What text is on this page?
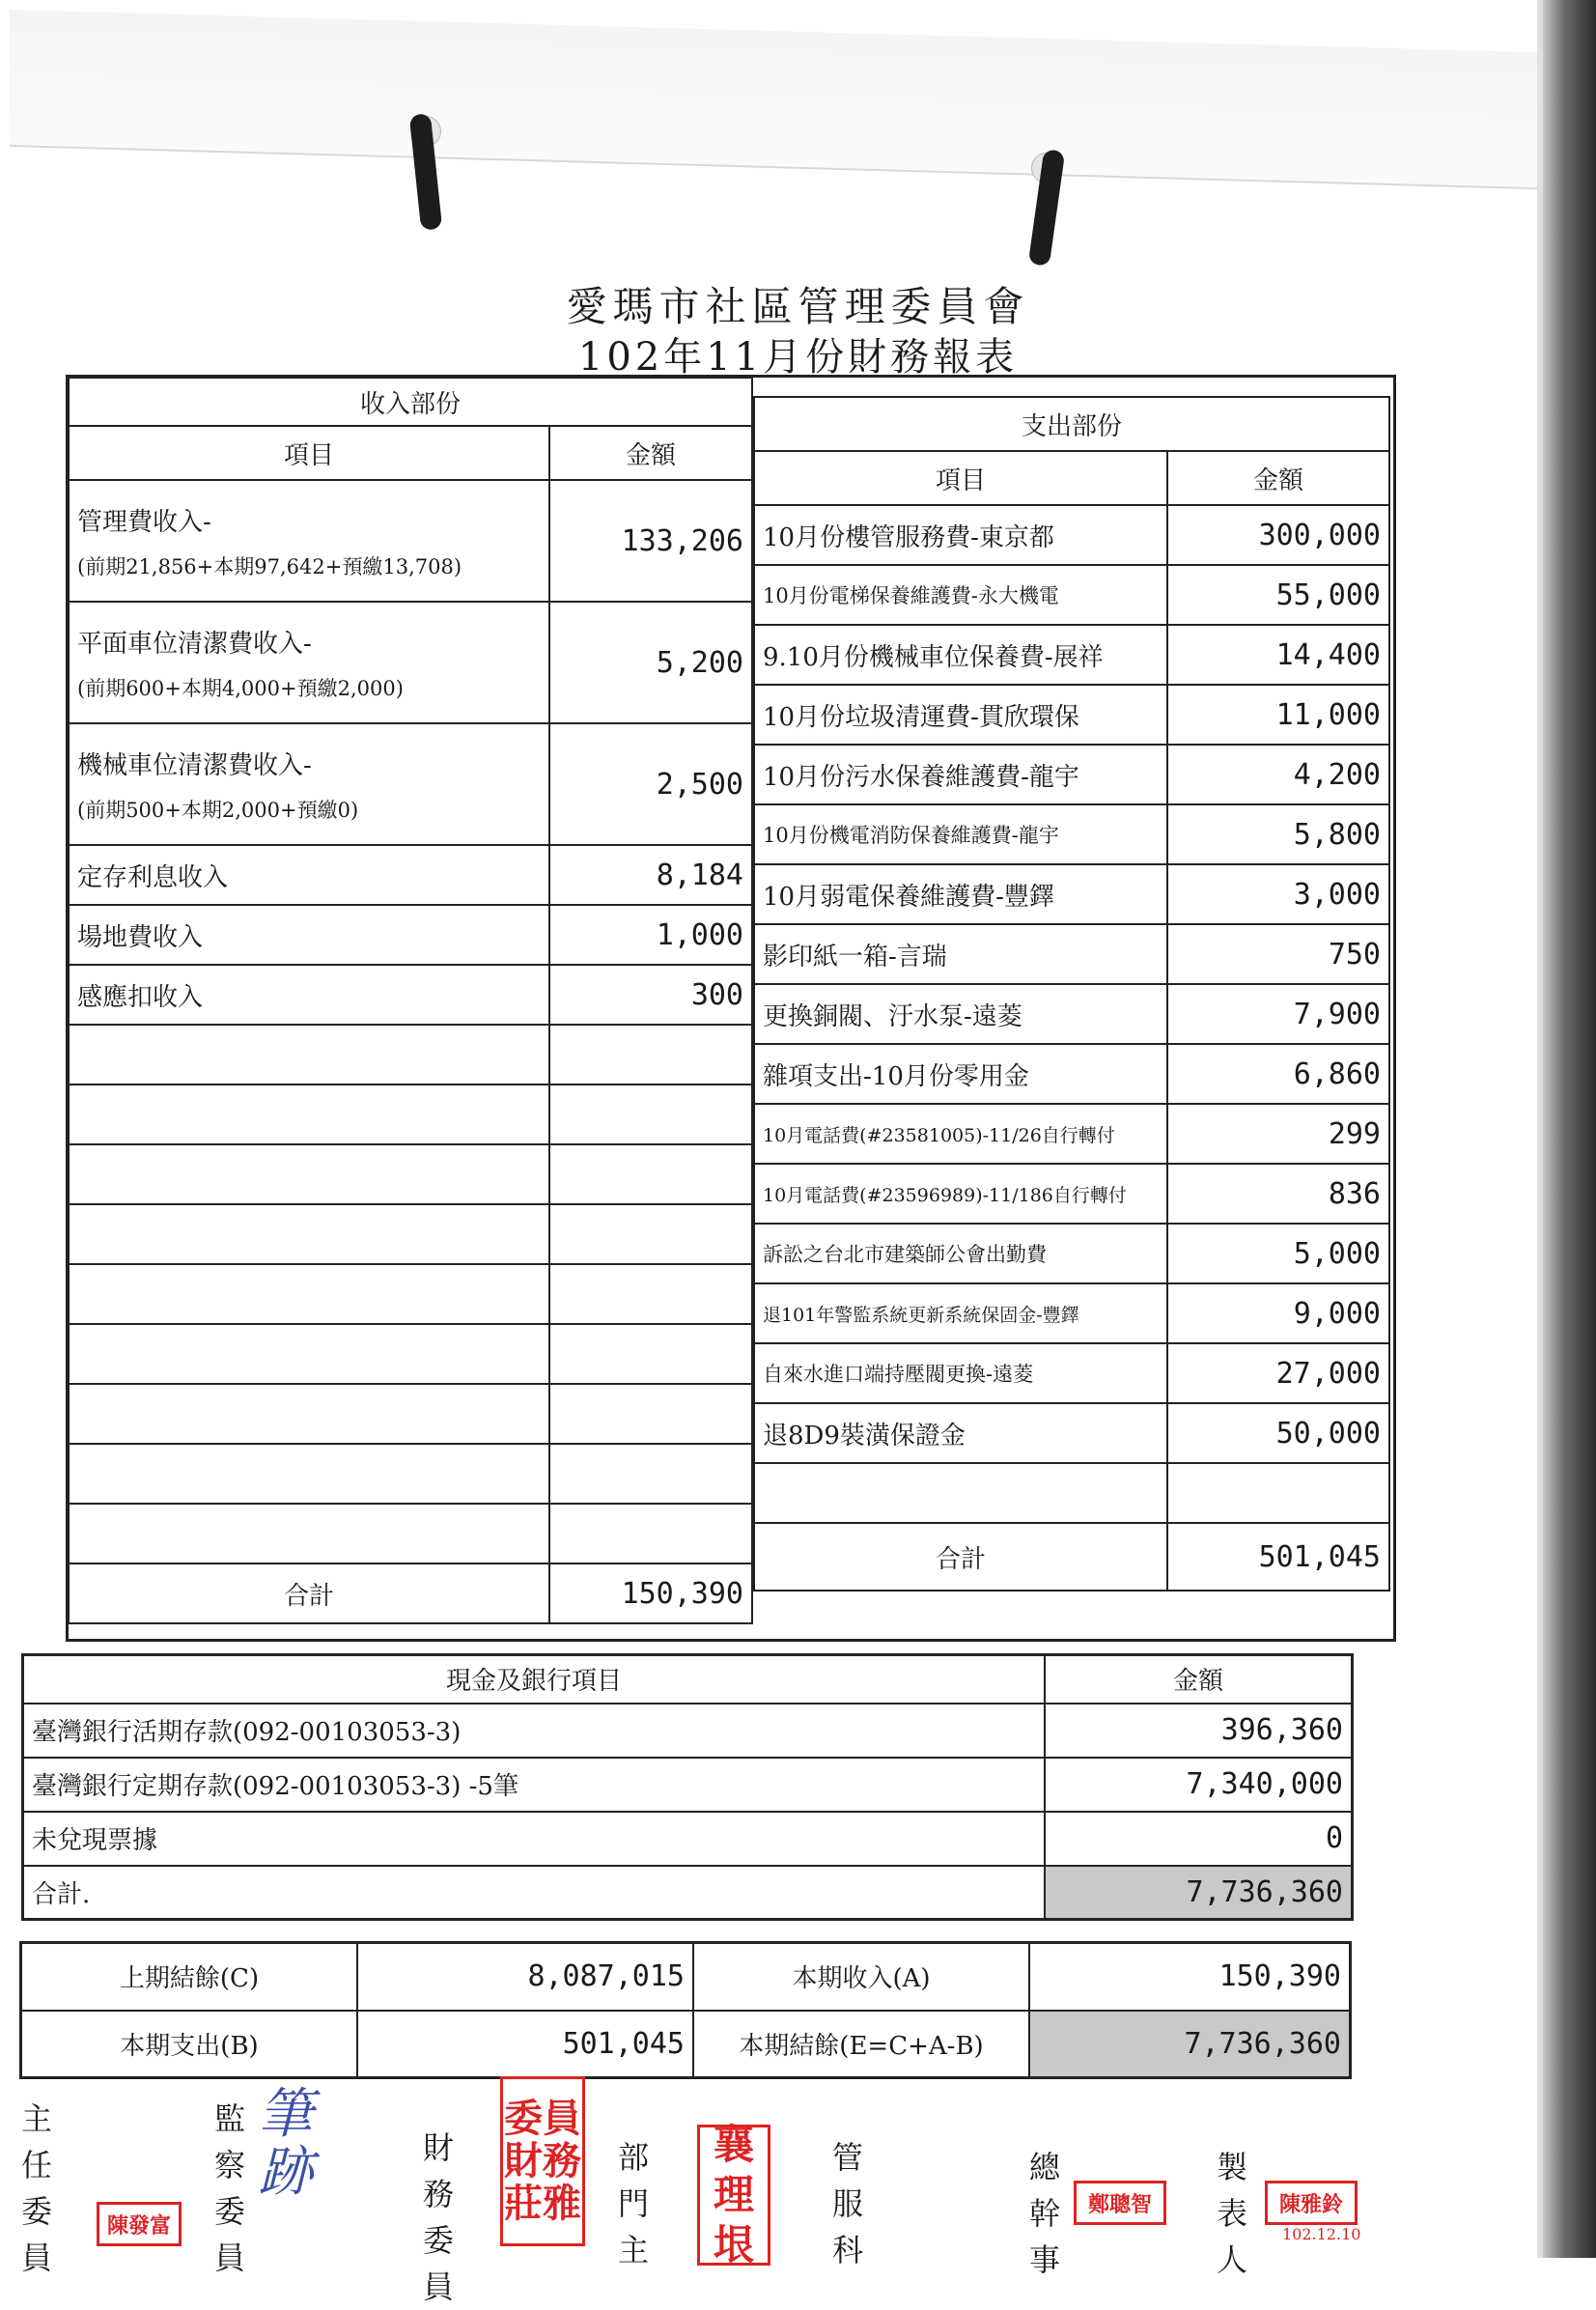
愛瑪市社區管理委員會
102年11月份財務報表
收入部份	
項目	金額

管理費收入-
(前期21,856+本期97,642+預繳13,708)	133,206

平面車位清潔費收入-
(前期600+本期4,000+預繳2,000)	5,200

機械車位清潔費收入-
(前期500+本期2,000+預繳0)	2,500
定存利息收入	8,184
場地費收入	1,000
感應扣收入	300

合計	150,390
支出部份	
項目	金額
10月份樓管服務費-東京都	300,000
10月份電梯保養維護費-永大機電	55,000
9.10月份機械車位保養費-展祥	14,400
10月份垃圾清運費-貫欣環保	11,000
10月份污水保養維護費-龍宇	4,200
10月份機電消防保養維護費-龍宇	5,800
10月弱電保養維護費-豐鐸	3,000
影印紙一箱-言瑞	750
更換銅閥、汙水泵-遠菱	7,900
雜項支出-10月份零用金	6,860
10月電話費(#23581005)-11/26自行轉付	299
10月電話費(#23596989)-11/186自行轉付	836
訴訟之台北市建築師公會出勤費	5,000
退101年警監系統更新系統保固金-豐鐸	9,000
自來水進口端持壓閥更換-遠菱	27,000
退8D9裝潢保證金	50,000

合計	501,045
現金及銀行項目	金額
臺灣銀行活期存款(092-00103053-3)	396,360
臺灣銀行定期存款(092-00103053-3) -5筆	7,340,000
未兌現票據	0
合計.	7,736,360
上期結餘(C)	8,087,015	本期收入(A)	150,390
本期支出(B)	501,045	本期結餘(E=C+A-B)	7,736,360
主任委員
陳發富
監察委員
筆
跡	財務委員
委員財務莊雅
部門主
襄理垠
管服科
總幹事
鄭聰智
製表人
陳雅鈴
102.12.10
